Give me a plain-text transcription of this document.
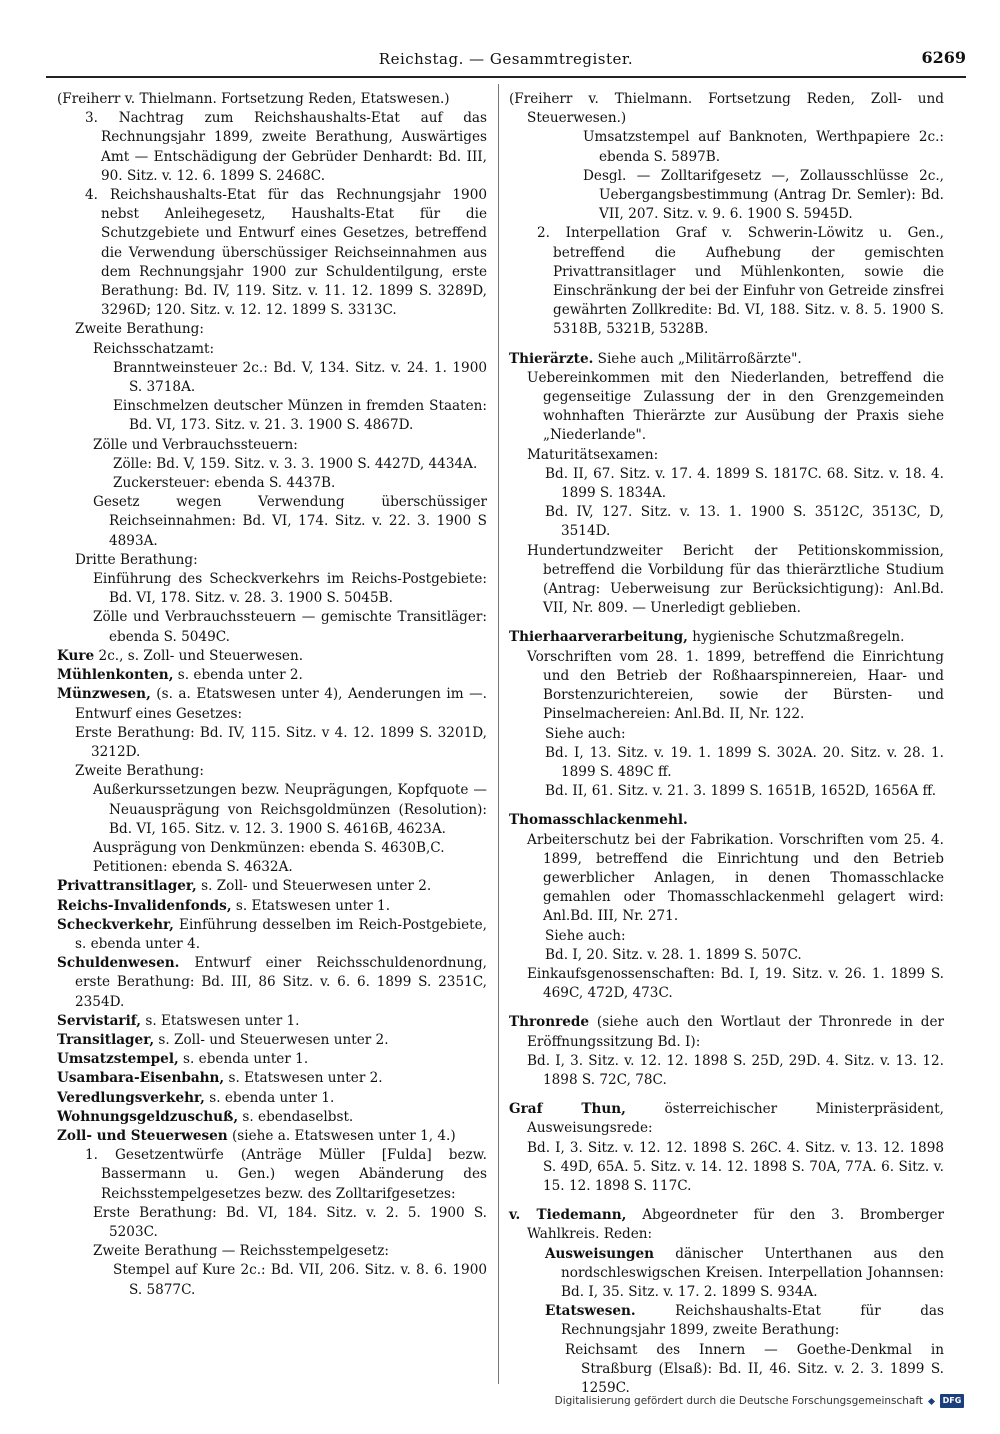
Reichstag. — Gesammtregister.	6269

(Freiherr v. Thielmann. Fortsetzung Reden, Etatswesen.)

3. Nachtrag zum Reichshaushalts-Etat auf das Rechnungsjahr 1899, zweite Berathung, Auswärtiges Amt — Entschädigung der Gebrüder Denhardt: Bd. III, 90. Sitz. v. 12. 6. 1899 S. 2468C.

4. Reichshaushalts-Etat für das Rechnungsjahr 1900 nebst Anleihegesetz, Haushalts-Etat für die Schutzgebiete und Entwurf eines Gesetzes, betreffend die Verwendung überschüssiger Reichseinnahmen aus dem Rechnungsjahr 1900 zur Schuldentilgung, erste Berathung: Bd. IV, 119. Sitz. v. 11. 12. 1899 S. 3289D, 3296D; 120. Sitz. v. 12. 12. 1899 S. 3313C.

Zweite Berathung:

Reichsschatzamt:

Branntweinsteuer 2c.: Bd. V, 134. Sitz. v. 24. 1. 1900 S. 3718A.

Einschmelzen deutscher Münzen in fremden Staaten: Bd. VI, 173. Sitz. v. 21. 3. 1900 S. 4867D.

Zölle und Verbrauchssteuern:

Zölle: Bd. V, 159. Sitz. v. 3. 3. 1900 S. 4427D, 4434A.

Zuckersteuer: ebenda S. 4437B.

Gesetz wegen Verwendung überschüssiger Reichseinnahmen: Bd. VI, 174. Sitz. v. 22. 3. 1900 S 4893A.

Dritte Berathung:

Einführung des Scheckverkehrs im Reichs-Postgebiete: Bd. VI, 178. Sitz. v. 28. 3. 1900 S. 5045B.

Zölle und Verbrauchssteuern — gemischte Transitläger: ebenda S. 5049C.

Kure 2c., s. Zoll- und Steuerwesen.

Mühlenkonten, s. ebenda unter 2.

Münzwesen, (s. a. Etatswesen unter 4), Aenderungen im —. Entwurf eines Gesetzes:

Erste Berathung: Bd. IV, 115. Sitz. v 4. 12. 1899 S. 3201D, 3212D.

Zweite Berathung:

Außerkurssetzungen bezw. Neuprägungen, Kopfquote — Neuausprägung von Reichsgoldmünzen (Resolution): Bd. VI, 165. Sitz. v. 12. 3. 1900 S. 4616B, 4623A.

Ausprägung von Denkmünzen: ebenda S. 4630B,C.

Petitionen: ebenda S. 4632A.

Privattransitlager, s. Zoll- und Steuerwesen unter 2.

Reichs-Invalidenfonds, s. Etatswesen unter 1.

Scheckverkehr, Einführung desselben im Reich-Postgebiete, s. ebenda unter 4.

Schuldenwesen. Entwurf einer Reichsschuldenordnung, erste Berathung: Bd. III, 86 Sitz. v. 6. 6. 1899 S. 2351C, 2354D.

Servistarif, s. Etatswesen unter 1.

Transitlager, s. Zoll- und Steuerwesen unter 2.

Umsatzstempel, s. ebenda unter 1.

Usambara-Eisenbahn, s. Etatswesen unter 2.

Veredlungsverkehr, s. ebenda unter 1.

Wohnungsgeldzuschuß, s. ebendaselbst.

Zoll- und Steuerwesen (siehe a. Etatswesen unter 1, 4.)

1. Gesetzentwürfe (Anträge Müller [Fulda] bezw. Bassermann u. Gen.) wegen Abänderung des Reichsstempelgesetzes bezw. des Zolltarifgesetzes:

Erste Berathung: Bd. VI, 184. Sitz. v. 2. 5. 1900 S. 5203C.

Zweite Berathung — Reichsstempelgesetz:

Stempel auf Kure 2c.: Bd. VII, 206. Sitz. v. 8. 6. 1900 S. 5877C.

(Freiherr v. Thielmann. Fortsetzung Reden, Zoll- und Steuerwesen.)

Umsatzstempel auf Banknoten, Werthpapiere 2c.: ebenda S. 5897B.

Desgl. — Zolltarifgesetz —, Zollausschlüsse 2c., Uebergangsbestimmung (Antrag Dr. Semler): Bd. VII, 207. Sitz. v. 9. 6. 1900 S. 5945D.

2. Interpellation Graf v. Schwerin-Löwitz u. Gen., betreffend die Aufhebung der gemischten Privattransitlager und Mühlenkonten, sowie die Einschränkung der bei der Einfuhr von Getreide zinsfrei gewährten Zollkredite: Bd. VI, 188. Sitz. v. 8. 5. 1900 S. 5318B, 5321B, 5328B.

Thierärzte. Siehe auch „Militärroßärzte".

Uebereinkommen mit den Niederlanden, betreffend die gegenseitige Zulassung der in den Grenzgemeinden wohnhaften Thierärzte zur Ausübung der Praxis siehe „Niederlande".

Maturitätsexamen:

Bd. II, 67. Sitz. v. 17. 4. 1899 S. 1817C. 68. Sitz. v. 18. 4. 1899 S. 1834A.

Bd. IV, 127. Sitz. v. 13. 1. 1900 S. 3512C, 3513C, D, 3514D.

Hundertundzweiter Bericht der Petitionskommission, betreffend die Vorbildung für das thierärztliche Studium (Antrag: Ueberweisung zur Berücksichtigung): Anl.Bd. VII, Nr. 809. — Unerledigt geblieben.

Thierhaarverarbeitung, hygienische Schutzmaßregeln.

Vorschriften vom 28. 1. 1899, betreffend die Einrichtung und den Betrieb der Roßhaarspinnereien, Haar- und Borstenzurichtereien, sowie der Bürsten- und Pinselmachereien: Anl.Bd. II, Nr. 122.

Siehe auch:

Bd. I, 13. Sitz. v. 19. 1. 1899 S. 302A. 20. Sitz. v. 28. 1. 1899 S. 489C ff.

Bd. II, 61. Sitz. v. 21. 3. 1899 S. 1651B, 1652D, 1656A ff.

Thomasschlackenmehl.

Arbeiterschutz bei der Fabrikation. Vorschriften vom 25. 4. 1899, betreffend die Einrichtung und den Betrieb gewerblicher Anlagen, in denen Thomasschlacke gemahlen oder Thomasschlackenmehl gelagert wird: Anl.Bd. III, Nr. 271.

Siehe auch:

Bd. I, 20. Sitz. v. 28. 1. 1899 S. 507C.

Einkaufsgenossenschaften: Bd. I, 19. Sitz. v. 26. 1. 1899 S. 469C, 472D, 473C.

Thronrede (siehe auch den Wortlaut der Thronrede in der Eröffnungssitzung Bd. I):

Bd. I, 3. Sitz. v. 12. 12. 1898 S. 25D, 29D. 4. Sitz. v. 13. 12. 1898 S. 72C, 78C.

Graf Thun, österreichischer Ministerpräsident, Ausweisungsrede:

Bd. I, 3. Sitz. v. 12. 12. 1898 S. 26C. 4. Sitz. v. 13. 12. 1898 S. 49D, 65A. 5. Sitz. v. 14. 12. 1898 S. 70A, 77A. 6. Sitz. v. 15. 12. 1898 S. 117C.

v. Tiedemann, Abgeordneter für den 3. Bromberger Wahlkreis. Reden:

Ausweisungen dänischer Unterthanen aus den nordschleswigschen Kreisen. Interpellation Johannsen: Bd. I, 35. Sitz. v. 17. 2. 1899 S. 934A.

Etatswesen. Reichshaushalts-Etat für das Rechnungsjahr 1899, zweite Berathung:

Reichsamt des Innern — Goethe-Denkmal in Straßburg (Elsaß): Bd. II, 46. Sitz. v. 2. 3. 1899 S. 1259C.

Digitalisierung gefördert durch die Deutsche Forschungsgemeinschaft	DFG
